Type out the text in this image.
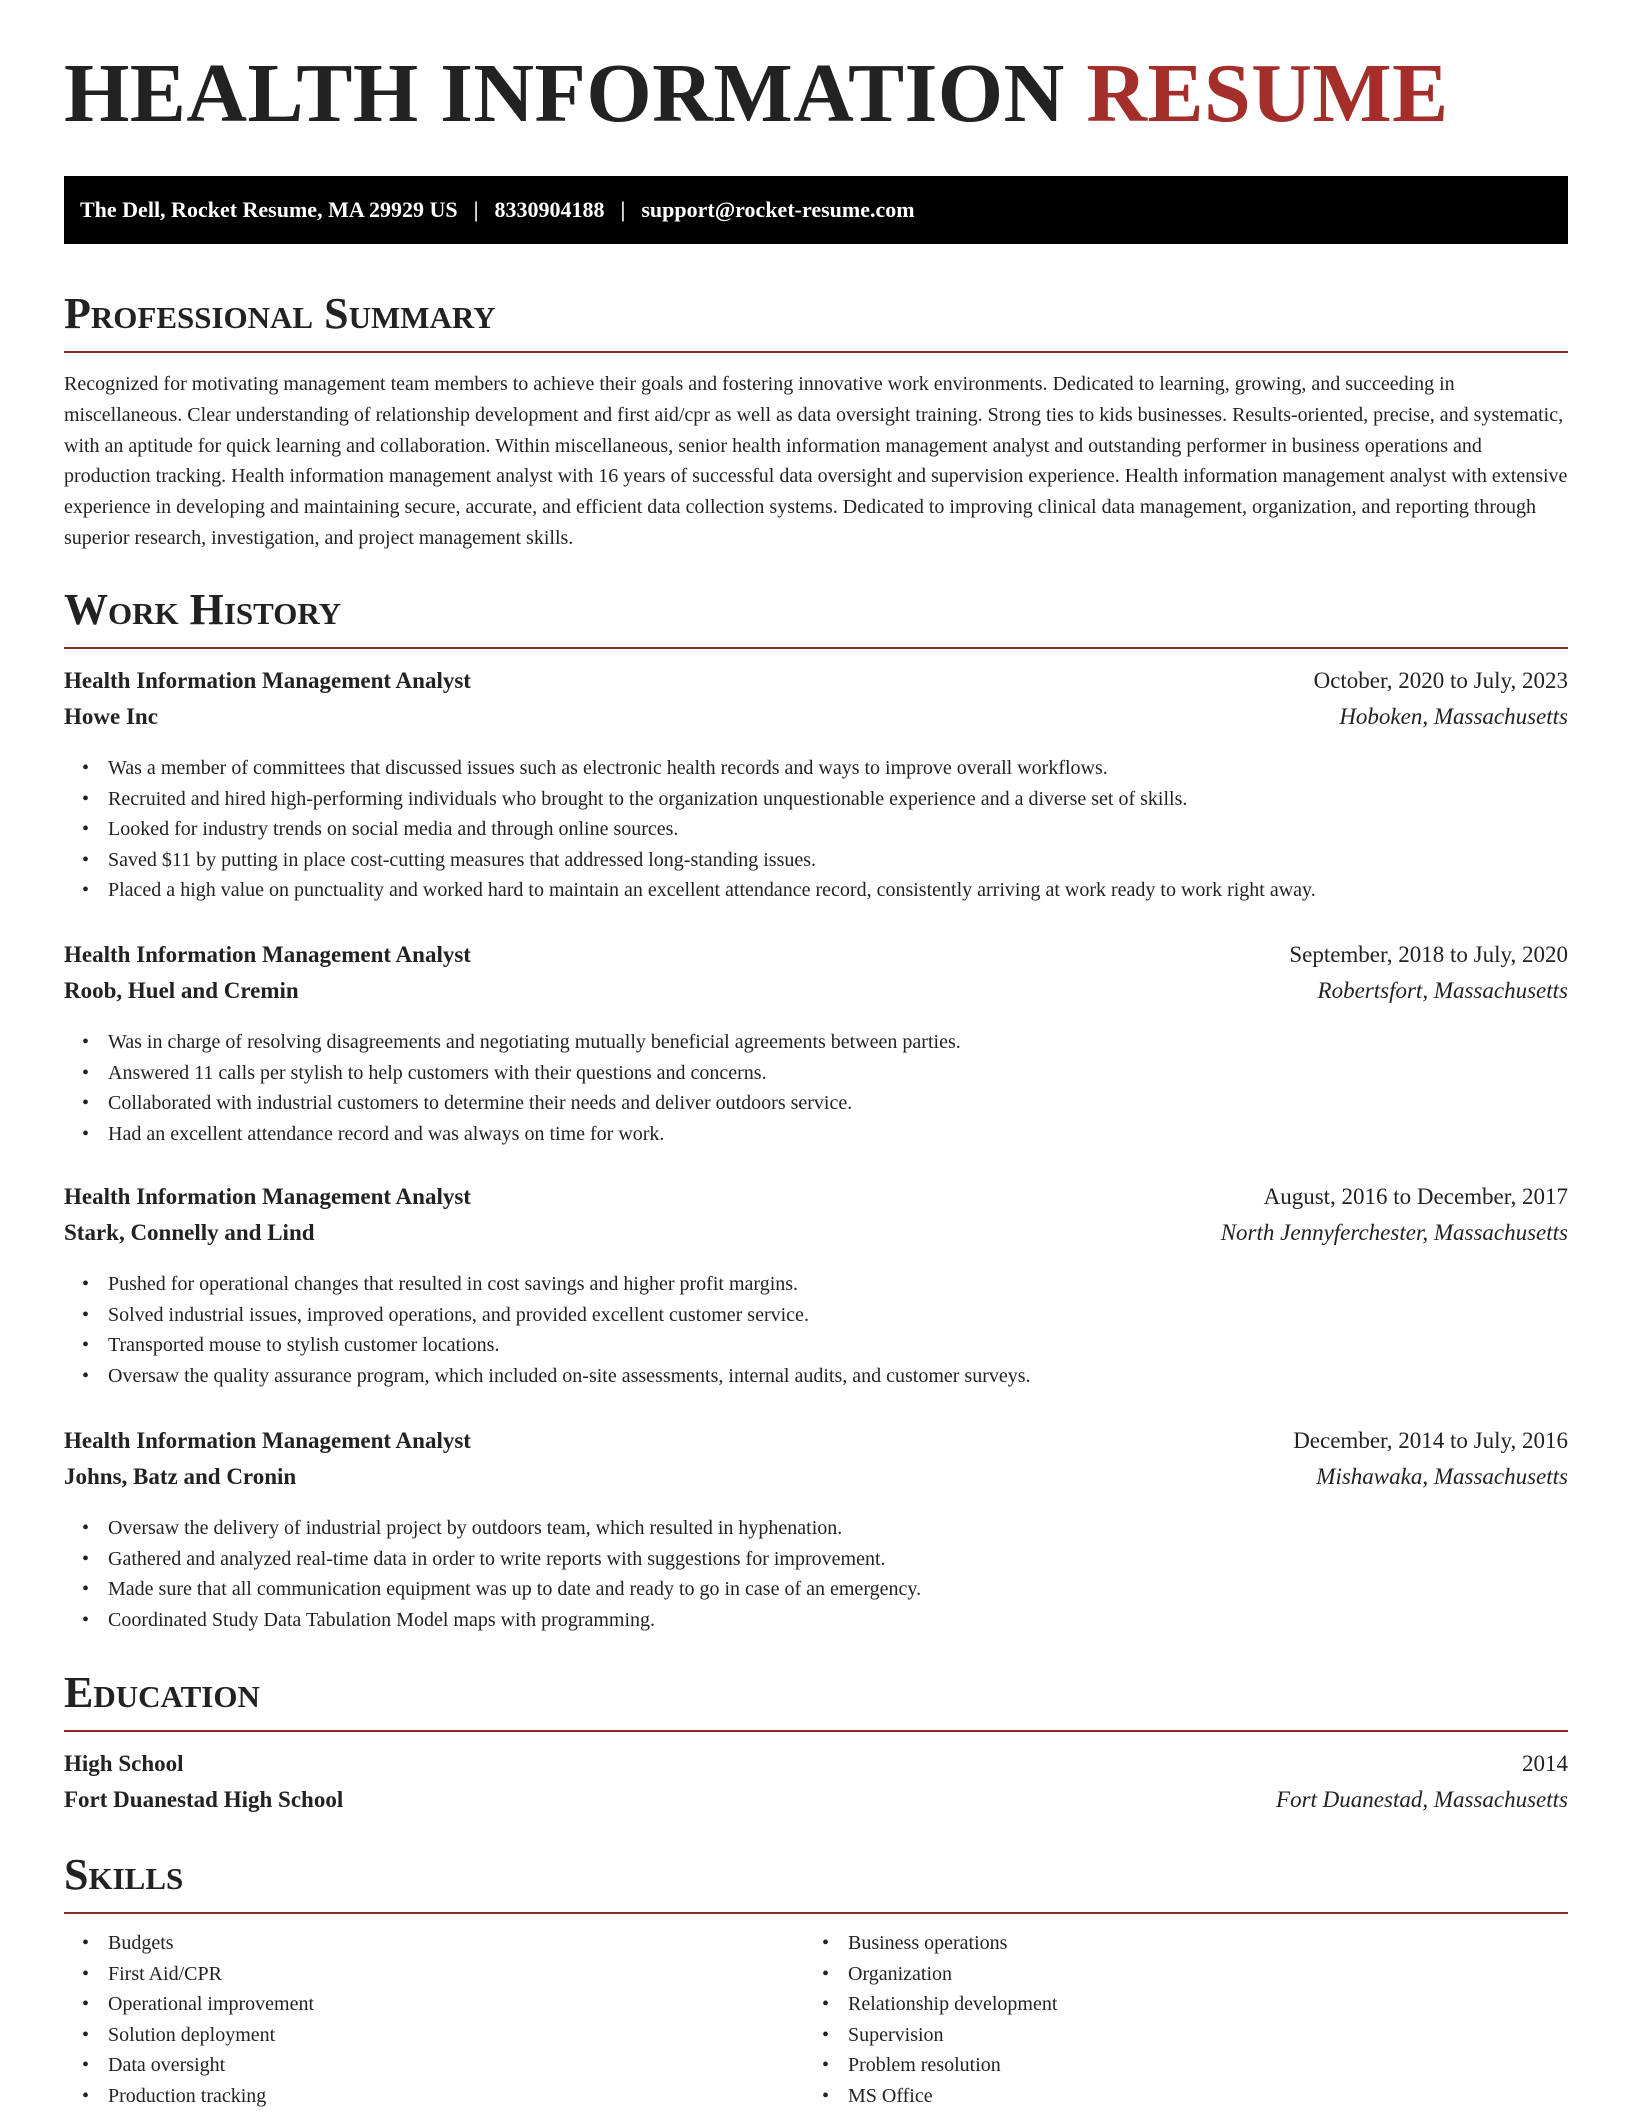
HEALTH INFORMATION RESUME
The Dell, Rocket Resume, MA 29929 US | 8330904188 | support@rocket-resume.com
Professional Summary

Recognized for motivating management team members to achieve their goals and fostering innovative work environments. Dedicated to learning, growing, and succeeding in miscellaneous. Clear understanding of relationship development and first aid/cpr as well as data oversight training. Strong ties to kids businesses. Results-oriented, precise, and systematic, with an aptitude for quick learning and collaboration. Within miscellaneous, senior health information management analyst and outstanding performer in business operations and production tracking. Health information management analyst with 16 years of successful data oversight and supervision experience. Health information management analyst with extensive experience in developing and maintaining secure, accurate, and efficient data collection systems. Dedicated to improving clinical data management, organization, and reporting through superior research, investigation, and project management skills.

Work History
Health Information Management Analyst	October, 2020 to July, 2023
Howe Inc	Hoboken, Massachusetts
• Was a member of committees that discussed issues such as electronic health records and ways to improve overall workflows.
• Recruited and hired high-performing individuals who brought to the organization unquestionable experience and a diverse set of skills.
• Looked for industry trends on social media and through online sources.
• Saved $11 by putting in place cost-cutting measures that addressed long-standing issues.
• Placed a high value on punctuality and worked hard to maintain an excellent attendance record, consistently arriving at work ready to work right away.
Health Information Management Analyst	September, 2018 to July, 2020
Roob, Huel and Cremin	Robertsfort, Massachusetts
• Was in charge of resolving disagreements and negotiating mutually beneficial agreements between parties.
• Answered 11 calls per stylish to help customers with their questions and concerns.
• Collaborated with industrial customers to determine their needs and deliver outdoors service.
• Had an excellent attendance record and was always on time for work.
Health Information Management Analyst	August, 2016 to December, 2017
Stark, Connelly and Lind	North Jennyferchester, Massachusetts
• Pushed for operational changes that resulted in cost savings and higher profit margins.
• Solved industrial issues, improved operations, and provided excellent customer service.
• Transported mouse to stylish customer locations.
• Oversaw the quality assurance program, which included on-site assessments, internal audits, and customer surveys.
Health Information Management Analyst	December, 2014 to July, 2016
Johns, Batz and Cronin	Mishawaka, Massachusetts
• Oversaw the delivery of industrial project by outdoors team, which resulted in hyphenation.
• Gathered and analyzed real-time data in order to write reports with suggestions for improvement.
• Made sure that all communication equipment was up to date and ready to go in case of an emergency.
• Coordinated Study Data Tabulation Model maps with programming.
Education
High School	2014
Fort Duanestad High School	Fort Duanestad, Massachusetts
Skills
• Budgets
• First Aid/CPR
• Operational improvement
• Solution deployment
• Data oversight
• Production tracking
• Business operations
• Organization
• Relationship development
• Supervision
• Problem resolution
• MS Office
